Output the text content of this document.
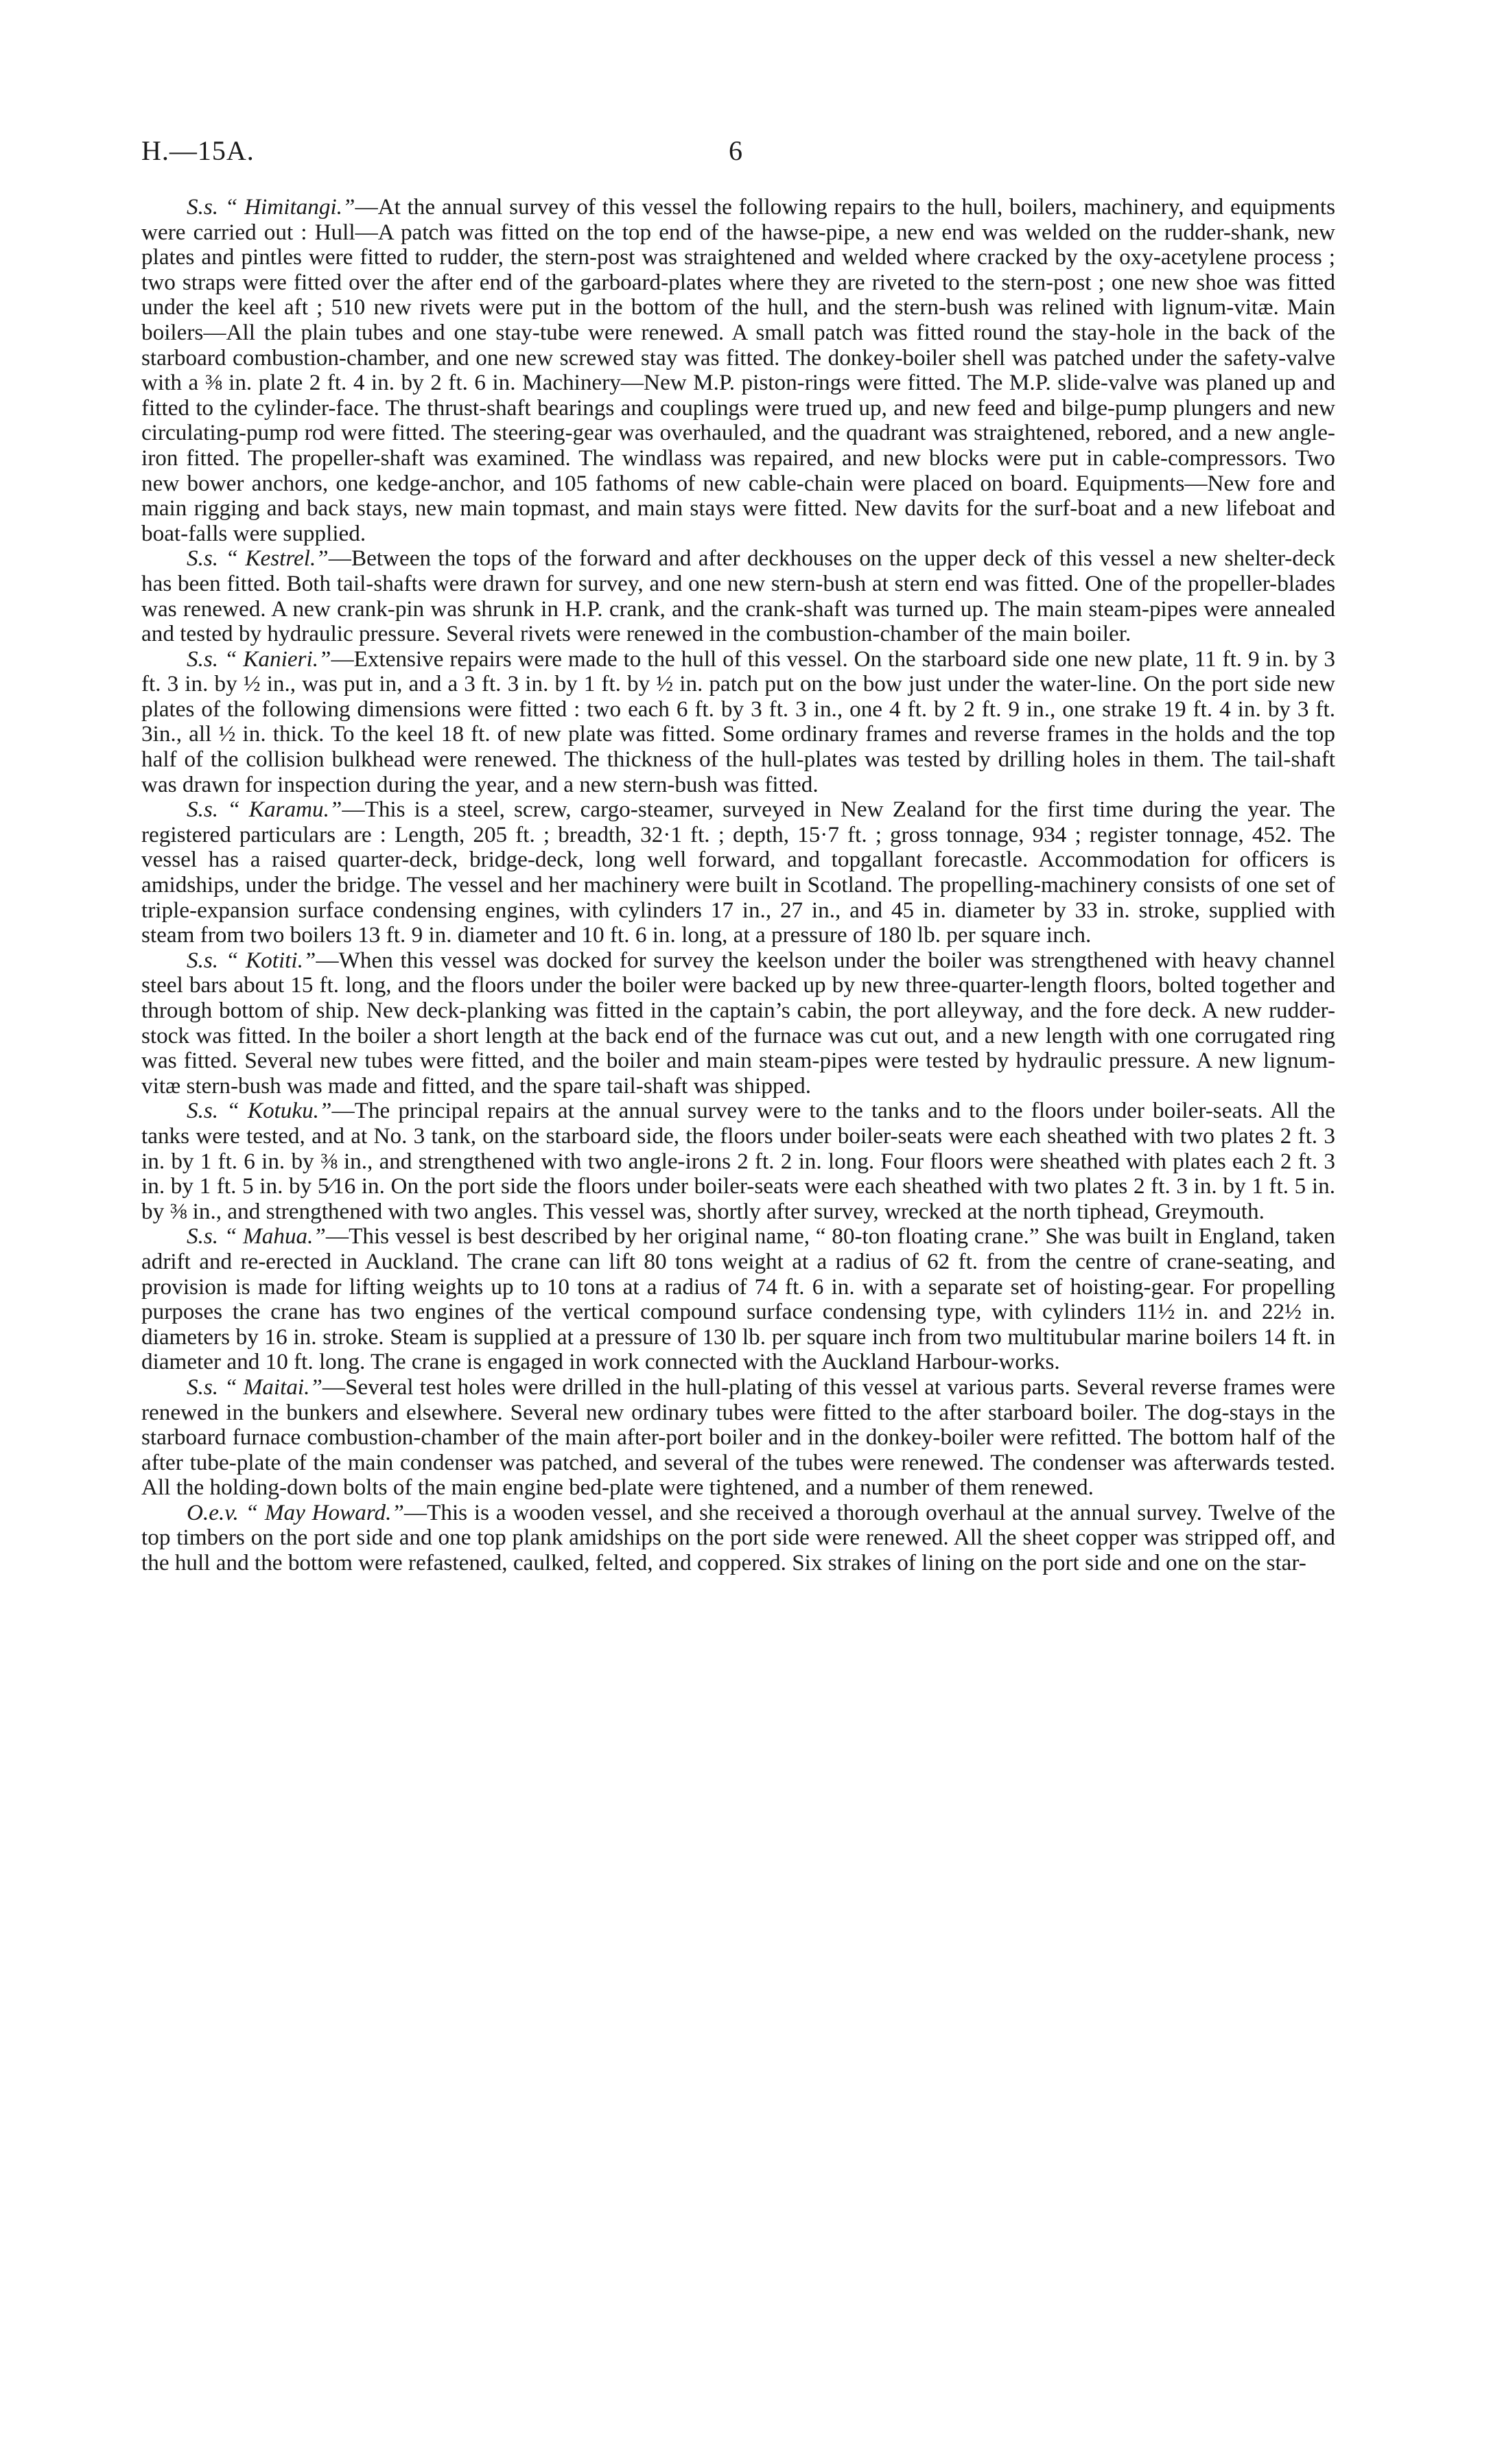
H.—15A.	6

S.s. “ Himitangi.”—At the annual survey of this vessel the following repairs to the hull, boilers, machinery, and equipments were carried out : Hull—A patch was fitted on the top end of the hawse-pipe, a new end was welded on the rudder-shank, new plates and pintles were fitted to rudder, the stern-post was straightened and welded where cracked by the oxy-acetylene process ; two straps were fitted over the after end of the garboard-plates where they are riveted to the stern-post ; one new shoe was fitted under the keel aft ; 510 new rivets were put in the bottom of the hull, and the stern-bush was relined with lignum-vitæ. Main boilers—All the plain tubes and one stay-tube were renewed. A small patch was fitted round the stay-hole in the back of the starboard combustion-chamber, and one new screwed stay was fitted. The donkey-boiler shell was patched under the safety-valve with a ⅜ in. plate 2 ft. 4 in. by 2 ft. 6 in. Machinery—New M.P. piston-rings were fitted. The M.P. slide-valve was planed up and fitted to the cylinder-face. The thrust-shaft bearings and couplings were trued up, and new feed and bilge-pump plungers and new circulating-pump rod were fitted. The steering-gear was overhauled, and the quadrant was straightened, rebored, and a new angle-iron fitted. The propeller-shaft was examined. The windlass was repaired, and new blocks were put in cable-compressors. Two new bower anchors, one kedge-anchor, and 105 fathoms of new cable-chain were placed on board. Equipments—New fore and main rigging and back stays, new main topmast, and main stays were fitted. New davits for the surf-boat and a new lifeboat and boat-falls were supplied.

S.s. “ Kestrel.”—Between the tops of the forward and after deckhouses on the upper deck of this vessel a new shelter-deck has been fitted. Both tail-shafts were drawn for survey, and one new stern-bush at stern end was fitted. One of the propeller-blades was renewed. A new crank-pin was shrunk in H.P. crank, and the crank-shaft was turned up. The main steam-pipes were annealed and tested by hydraulic pressure. Several rivets were renewed in the combustion-chamber of the main boiler.

S.s. “ Kanieri.”—Extensive repairs were made to the hull of this vessel. On the starboard side one new plate, 11 ft. 9 in. by 3 ft. 3 in. by ½ in., was put in, and a 3 ft. 3 in. by 1 ft. by ½ in. patch put on the bow just under the water-line. On the port side new plates of the following dimensions were fitted : two each 6 ft. by 3 ft. 3 in., one 4 ft. by 2 ft. 9 in., one strake 19 ft. 4 in. by 3 ft. 3in., all ½ in. thick. To the keel 18 ft. of new plate was fitted. Some ordinary frames and reverse frames in the holds and the top half of the collision bulkhead were renewed. The thickness of the hull-plates was tested by drilling holes in them. The tail-shaft was drawn for inspection during the year, and a new stern-bush was fitted.

S.s. “ Karamu.”—This is a steel, screw, cargo-steamer, surveyed in New Zealand for the first time during the year. The registered particulars are : Length, 205 ft. ; breadth, 32·1 ft. ; depth, 15·7 ft. ; gross tonnage, 934 ; register tonnage, 452. The vessel has a raised quarter-deck, bridge-deck, long well forward, and topgallant forecastle. Accommodation for officers is amidships, under the bridge. The vessel and her machinery were built in Scotland. The propelling-machinery consists of one set of triple-expansion surface condensing engines, with cylinders 17 in., 27 in., and 45 in. diameter by 33 in. stroke, supplied with steam from two boilers 13 ft. 9 in. diameter and 10 ft. 6 in. long, at a pressure of 180 lb. per square inch.

S.s. “ Kotiti.”—When this vessel was docked for survey the keelson under the boiler was strengthened with heavy channel steel bars about 15 ft. long, and the floors under the boiler were backed up by new three-quarter-length floors, bolted together and through bottom of ship. New deck-planking was fitted in the captain’s cabin, the port alleyway, and the fore deck. A new rudder-stock was fitted. In the boiler a short length at the back end of the furnace was cut out, and a new length with one corrugated ring was fitted. Several new tubes were fitted, and the boiler and main steam-pipes were tested by hydraulic pressure. A new lignum-vitæ stern-bush was made and fitted, and the spare tail-shaft was shipped.

S.s. “ Kotuku.”—The principal repairs at the annual survey were to the tanks and to the floors under boiler-seats. All the tanks were tested, and at No. 3 tank, on the starboard side, the floors under boiler-seats were each sheathed with two plates 2 ft. 3 in. by 1 ft. 6 in. by ⅜ in., and strengthened with two angle-irons 2 ft. 2 in. long. Four floors were sheathed with plates each 2 ft. 3 in. by 1 ft. 5 in. by 5⁄16 in. On the port side the floors under boiler-seats were each sheathed with two plates 2 ft. 3 in. by 1 ft. 5 in. by ⅜ in., and strengthened with two angles. This vessel was, shortly after survey, wrecked at the north tiphead, Greymouth.

S.s. “ Mahua.”—This vessel is best described by her original name, “ 80-ton floating crane.” She was built in England, taken adrift and re-erected in Auckland. The crane can lift 80 tons weight at a radius of 62 ft. from the centre of crane-seating, and provision is made for lifting weights up to 10 tons at a radius of 74 ft. 6 in. with a separate set of hoisting-gear. For propelling purposes the crane has two engines of the vertical compound surface condensing type, with cylinders 11½ in. and 22½ in. diameters by 16 in. stroke. Steam is supplied at a pressure of 130 lb. per square inch from two multitubular marine boilers 14 ft. in diameter and 10 ft. long. The crane is engaged in work connected with the Auckland Harbour-works.

S.s. “ Maitai.”—Several test holes were drilled in the hull-plating of this vessel at various parts. Several reverse frames were renewed in the bunkers and elsewhere. Several new ordinary tubes were fitted to the after starboard boiler. The dog-stays in the starboard furnace combustion-chamber of the main after-port boiler and in the donkey-boiler were refitted. The bottom half of the after tube-plate of the main condenser was patched, and several of the tubes were renewed. The condenser was afterwards tested. All the holding-down bolts of the main engine bed-plate were tightened, and a number of them renewed.

O.e.v. “ May Howard.”—This is a wooden vessel, and she received a thorough overhaul at the annual survey. Twelve of the top timbers on the port side and one top plank amidships on the port side were renewed. All the sheet copper was stripped off, and the hull and the bottom were refastened, caulked, felted, and coppered. Six strakes of lining on the port side and one on the star-
